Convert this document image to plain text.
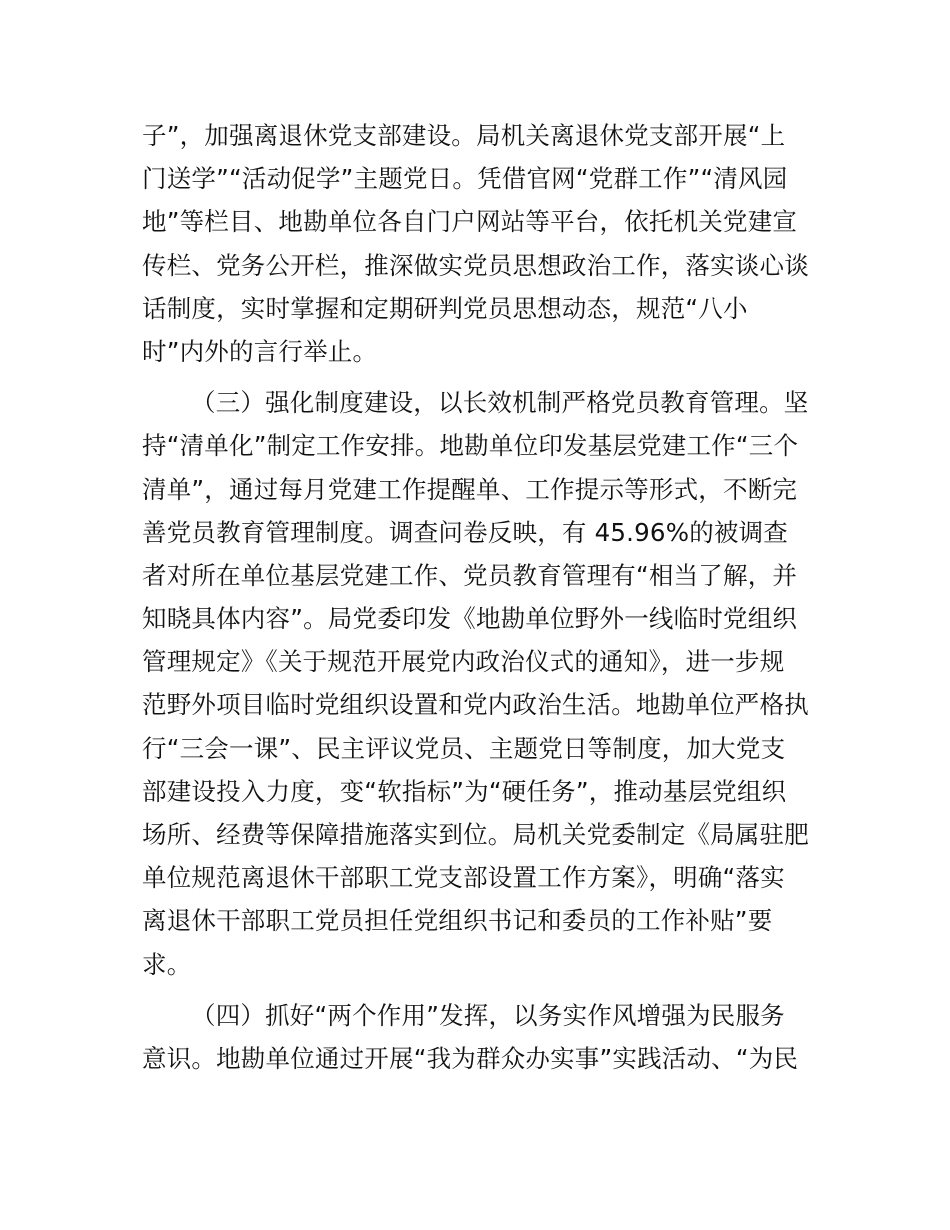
子”，加强离退休党支部建设。局机关离退休党支部开展“上
门送学”“活动促学”主题党日。凭借官网“党群工作”“清风园
地”等栏目、地勘单位各自门户网站等平台，依托机关党建宣
传栏、党务公开栏，推深做实党员思想政治工作，落实谈心谈
话制度，实时掌握和定期研判党员思想动态，规范“八小
时”内外的言行举止。
（三）强化制度建设，以长效机制严格党员教育管理。坚
持“清单化”制定工作安排。地勘单位印发基层党建工作“三个
清单”，通过每月党建工作提醒单、工作提示等形式，不断完
善党员教育管理制度。调查问卷反映，有 45.96%的被调查
者对所在单位基层党建工作、党员教育管理有“相当了解，并
知晓具体内容”。局党委印发《地勘单位野外一线临时党组织
管理规定》《关于规范开展党内政治仪式的通知》，进一步规
范野外项目临时党组织设置和党内政治生活。地勘单位严格执
行“三会一课”、民主评议党员、主题党日等制度，加大党支
部建设投入力度，变“软指标”为“硬任务”，推动基层党组织
场所、经费等保障措施落实到位。局机关党委制定《局属驻肥
单位规范离退休干部职工党支部设置工作方案》，明确“落实
离退休干部职工党员担任党组织书记和委员的工作补贴”要
求。
（四）抓好“两个作用”发挥，以务实作风增强为民服务
意识。地勘单位通过开展“我为群众办实事”实践活动、“为民
